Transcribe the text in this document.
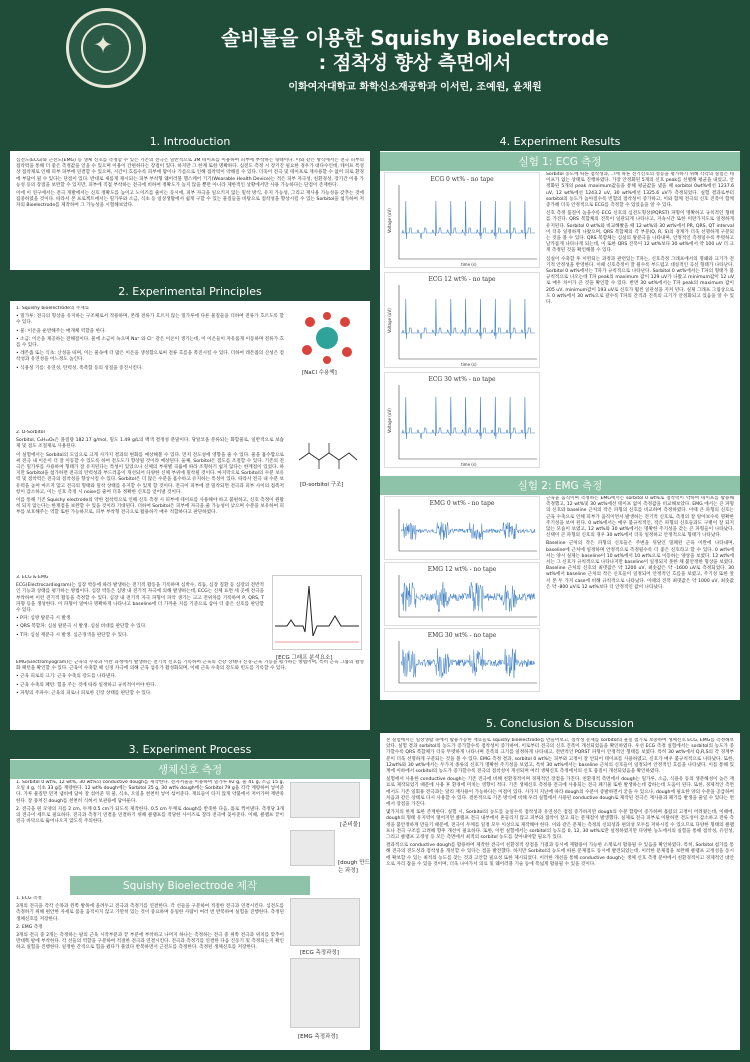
✦	솔비톨을 이용한 Squishy Bioelectrode
: 점착성 향상 측면에서
이화여자대학교 화학신소재공학과 이서린, 조예원, 윤채원
1. Introduction

심전도(ECG)와 근전도(EMG) 등 생체 신호를 측정할 수 있는 기존의 전극은 일반적으로 3M 테이프를 이용하여 피부에 부착하는 형태이다. 이와 같은 방식에서는 전극 피부의 접착력을 통해 더 좋은 측정값을 얻을 수 있으며 이용이 간편하다는 장점이 있다. 하지만 그 한계 또한 명확하다. 심전도 측정 시 장기간 필요한 경우가 대다수인데, 테이프 특성 상 접착제로 인해 피부 피부에 연결할 수 있으며, 시간이 흐를수록 피부에 땀이나 기름으로 인해 접착력이 약해질 수 있다. 더욱이 전극 및 테이프로 재사용할 수 없어 피로 환경에 부담이 될 수 있다는 단점이 있다. 반대로 새롭게 제시되는 피부 부착형 웨어러블 헬스케어 기기(Wearable Health Device)는 적은 피부 자극성, 친환경성, 장기간 이용 가능성 등의 장점을 보완할 수 있지만, 피부에 직접 부착하는 전극에 비하여 정확도가 높지 않을 뿐만 아니라 제한적인 상황에서만 사용 가능하다는 단점이 존재한다.

이에 이 연구에서는 전극 개발에서는 신호 정확도를 높이고 노이즈를 줄이는 동시에, 피부 자극을 일으키지 않는 밀착 방식, 유지 가능성, 그리고 재사용 가능성을 갖추는 것에 집중하였을 것이다. 따라서 본 프로젝트에서는 밀가루와 소금, 식초 등 일상생활에서 쉽게 구할 수 있는 물질들을 바탕으로 점착성을 향상시킬 수 있는 Sorbitol을 첨가하여 저자의 Bioelectrode를 제작하여 그 가능성을 시험해보았다.

2. Experimental Principles

1. Squishy bioelectrode의 주재료

• 밀가루: 전극의 형상을 유지하는 구조체로서 작용하며, 본래 전류가 흐르지 않는 밀가루에 다른 물질들을 더하여 전류가 흐르도록 할 수 있다.

• 물: 이온을 운반해주는 매개체 역할을 한다.

• 소금: 이온을 제공하는 전해질이다. 물에 소금이 녹으며 Na⁺ 와 Cl⁻ 같은 이온이 생기는데, 이 이온들이 자유롭게 이동하며 전류가 흐를 수 있다.

• 레몬즙 또는 식초: 산성을 띠며, 이는 물속에 더 많은 이온을 생성함으로써 전류 흐름을 촉진시킬 수 있다. 더하여 레몬즙의 산성은 점착성과 유연성을 어느정도 높인다.

• 식용성 기름: 유연성, 탄력성, 촉촉함 등의 성질을 증진시킨다.

[NaCl 수용액]

2. D-Sorbitol

Sorbitol, C₆H₁₄O₆은 몰질량 182.17 g/mol, 밀도 1.49 g/L의 백색 결정성 분말이다. 당알코올 분류되는 화합물로, 일반적으로 보습제 및 점도 조절제로 사용된다.

이 실험에서는 Sorbitol의 도입으로 크게 사가지 결과의 변화를 예상해볼 수 있다. 먼저 전도성에 영향을 줄 수 있다. 물을 흡수함으로써 전극 내 이온이 더 잘 이동할 수 있도록 하여 전도도가 향상될 것이라 예상된다. 둘째, Sorbitol은 점도를 조절할 수 있다. 기존의 전극은 밀가루를 사용하여 형태가 잘 유지된다는 특성이 있었으나 신체의 부위별 곡률에 따라 조형하기 쉽지 않다는 한계점이 있었다. 하지만 Sorbitol을 첨가하면 전극의 탄력성과 부드러움이 개선되어 다양한 신체 부위에 밀착될 것이다. 마지막으로 Sorbitol의 수분 보유력 및 점착력은 전극의 점착성을 향상시킬 수 있다. Sorbitol은 더 많은 수분을 흡수하고 유지하는 특성이 있다. 따라서 전극 내 수분 보유력을 높여 마르지 않고 전극의 형태와 밀착 상태를 유지할 수 있게 할 것이다. 전극이 피부에 잘 밀착되면 전극과 피부 사이의 접촉저항이 감소하고, 이는 신호 측정 시 noise를 줄여 더욱 정확한 신호를 얻어낼 것이다.

이를 통해 기존 Squishy electrode의 약한 점착력으로 인해 신호 측정 시 피부에 테이프를 사용해야 하고 불편하고, 신호 측정이 원활히 되지 않는다는 한계점을 보완할 수 있을 것이라 기대된다. 더하여 Sorbitol은 피부에 자극을 줄 가능성이 낮으며 수분을 보유하여 피부를 보호해주는 역할 또한 가능하므로, 피부 부착형 전극으로 활용하기 매우 적합하다고 판단하였다.

[D-sorbitol 구조]

3. ECG & EMG

ECG(Electrocardiogram)는 심장 박동에 따라 발생하는 전기적 활동을 기록하며 심박수, 리듬, 심장 질환 등 심장의 전반적인 기능과 상태를 평가하는 방법이다. 심장 박동은 심방 내 전기적 자극에 의해 발생하는데, ECG는 신체 표면 세 곳에 전극을 부착하여 이런 전기적 활동을 측정할 수 있다. 심장 내 전기적 자극 파형이 파악 생기는 크고 전위차를 기록하여 P, QRS, T 파형 등을 생성한다. 이 파형이 얼마나 명확하게 나타나고 baseline에 더 가까운 지를 기준으로 삼아 더 좋은 신호를 판단할 수 있다.

• P파: 심방 탈분극 시 발생.

• QRS 복합파: 심실 탈분극 시 발생. 심실 비대를 판단할 수 있다.

• T파: 심실 재분극 시 발생. 심근경색을 판단할 수 있다.

[ECG 그래프 분석요소]

EMG(Electromyogram)는 근육의 수축과 이완 과정에서 발생하는 전기적 신호를 기록하여 근육의 건강 상태나 신경-근육 기능을 평가하는 방법이며, 특히 근육 그룹의 활성화 패턴을 확인할 수 있다. 근육이 수축할 때 신경 자극에 의해 근육 섬유가 활성화되며, 이때 근육 수축의 강도와 빈도를 기록할 수 있다.

• 근육 피로의 크기: 근육 수축의 강도를 나타낸다.

• 근육 수축의 패턴: 힘을 주는 것에 따라 일정하고 규칙적이어야 한다.

• 파형의 주파수: 근육의 피로나 피로한 긴장 상태를 판단할 수 있다.

3. Experiment Process
생체신호 측정

1. Sorbitol 0 wt%, 12 wt%, 30 wt%의 conductive dough를 제작한다. 전자저울을 이용하여 밀가루 92 g, 물 41 g, 소금 15 g, 오일 4 g, 식초 33 g를 계량한다. 12 wt% dough에는 Sorbitol 25 g, 30 wt% dough에는 Sorbitol 79 g을 각각 계량하여 넣어준다. 가루 물질만 먼저 냄비에 담아 잘 섞어준 뒤 물, 식초, 오일을 천천히 넣어 섞어준다. 재료들이 타지 않게 약불에서 저어가며 재반죽한다. 잘 뭉쳐진 dough를 천천히 식혀서 보관용에 담아둔다.

2. 전극을 원 모양의 지름 2 cm, 두께 0.5 cm가 되도록 제작한다. 0.5 cm 두께로 dough를 반죽한 다음, 틀로 찍어낸다. 측정당 3개의 전극이 세트로 필요하다. 전극과 측정기 연결을 연결하기 위해 클램프를 적당한 사이즈로 잘라 전극에 꽂아준다. 이때, 클램프 끝이 전극 바닥으로 뚫어나오지 않도록 주의한다.

[준비물]
[dough 만드는 과정]
Squishy Bioelectrode 제작

1. ECG 측정

3개의 전극을 각각 손목과 왼쪽 발목에 올려두고 전극과 측정기를 연결한다. 각 선들을 구분하여 적절한 전극과 연결시킨다. 심전도를 측정하기 위해 편안한 자세로 몸을 움직이지 않고 가만히 있는 것이 중요하며 동일한 사람이 여러 번 반복하여 실험을 진행한다. 측정된 생체신호를 저장한다.

2. EMG 측정

3개의 전극 중 2개는 측정하는 팔의 근육 시작부분과 끝 부분에 부착하고 나머지 하나는 측정하는 전극 중 위쪽 전극과 위치를 맞추어 반대쪽 팔에 부착한다. 각 선들의 역할을 구분하여 적절한 전극과 연결시킨다. 전극과 측정기를 연결한 다음 진동기 및 측정되는지 확인하고 실험을 진행한다. 일정한 간격으로 힘을 줬다가 풀었다 반복하면서 근전도를 측정한다. 측정된 생체신호를 저장한다.

[ECG 측정과정]
[EMG 측정과정]
4. Experiment Results
실험 1: ECG 측정
ECG 0 wt% - no tape
Voltage (uV)
time (s)
ECG 12 wt% - no tape
Voltage (uV)
time (s)
ECG 30 wt% - no tape
Voltage (uV)
time (s)

Sorbitol 농도에 따른 점착성과, 그에 따른 전기신호의 성능을 평가하기 위해 각각의 실험은 테이프가 없는 상태로 진행하였다. 가장 안정화된 5개의 신호 peak를 선별해 평균을 내었고, 안정화된 5개의 peak maximum값들을 통해 평균값을 냈을 때 sorbitol 0wt%에선 1237.6 uV, 12 wt%에선 1243.2 uV, 30 wt%에선 1325.6 uV가 측정되었다. 실험 결과로부터 sorbitol의 농도가 높아질수록 빈혈의 점착성이 증가하고, 이와 함께 전극의 신호 진폭이 함께 증가해 더욱 안정적으로 ECG를 측정할 수 있었음을 알 수 있다.

신호 측정 품질이 높을수록 ECG 신호의 심전도형상(PQRST) 파형이 명확하고 규칙적인 형태를 가진다. QRS 복합체의 진폭이 일관되게 나타나고, 지속시간 또한 미란가지도로 일정하게 유지된다. Sorbitol 0 wt%와 비교해봤을 때 12 wt%와 30 wt%에서 PR, QRS, QT interval이 더욱 일정하게 나왔으며, QRS 복합체의 각 부분(Q, R, S)의 경계가 더욱 선명하게 구분되는 것을 볼 수 있다. QRS 복합체는 심실의 탈분극을 나타내며, 안정적인 측정일수록 뚜렷하고 날카롭게 나타나게 되는데, 이 또한 QRS 진폭이 12 wt%보다 30 wt%에서 약 100 uV 더 크게 측정된 것을 확인해볼 수 있다.

심실이 수축할 후 이완되는 과정과 관련있는 T파는, 신호측정 그래프에서의 명왜와 크기가 전기적 안정성을 반영한다. 이때 신호측정이 잘 될수록 부드럽고 대칭적인 곡선 형태가 나타난다. Sorbitol 0 wt%에서는 T파가 규칙적으로 나타난다. Sorbitol 0 wt%에서는 T파의 형태가 불규칙적으로 나오는데 T파 peak의 maximum 값이 129 uV가 나왔고 minimum값이 12 uV로 매우 차이가 큰 것을 확인할 수 있다. 반면 30 wt%에서는 T파 peak의 maximum 값이 205 uV, minimum값이 193 uV로 신호가 훨씬 일관성을 지켜 된다. 실제 그래프 그림상으로도 0 wt%에서 30 wt%으로 갈수록 T파의 간격과 진폭의 크기가 안정화되고 있음을 알 수 있다.

실험 2: EMG 측정
EMG 0 wt% - no tape
EMG 12 wt% - no tape
EMG 30 wt% - no tape

근육을 움직이며 측정하는 EMG에서는 sorbitol 0 wt%로 점착력이 약하여 테이프를 활용해 측정했고, 12 wt%및 30 wt%에선 테이프 없이 측정값을 비교해보았다. EMG 에서는 큰 파형의 신호와 baseline 근처의 작은 파형의 신호를 비교하여 측정하였다. 이때 큰 파형의 신호는 근육 수축으로 인해 피부가 움직이면서 발생하는 전기적 신호로, 측정의 잘 알아보수록 명확한 주기성을 보여 된다. 0 wt%에서는 매우 불규칙적인, 작은 파형의 신호들과도 구별이 잘 되지 않는 모습이 보였고, 12 wt%와 30 wt%에서는 명확한 주기성을 갖는 큰 파형들이 나타났다. 신택이 큰 파형의 신호의 경우 30 wt%에서 더욱 일정하고 안정적으로 형태가 나타났다.

Baseline 근처의 작은 파형의 신호들은 주변을 뒤덮인 밀폐된 근육 이완에 나타내며, baseline에 근처에 일정하며 안정적으로 측정될수록 더 좋은 신호라고 할 수 있다. 0 wt%에서는 양시 실제는 baseline이 10 wt%에서 10 wt%으로 이동하는 양상을 보였다. 12 wt%에서는 그 신호가 규칙적으로 나타나지만 baseline이 일정되지 못한 채 불안정한 형상을 보였다. Baseline 근처의 신호의 최댓값은 약 1200 uV, 최솟값은 약 -1600 uV로 측정되었다. 30 wt%에서 baseline 근처의 작은 신호들이 일정되어 안정적인 흐름을 보였고, 주기성 또한 앞서 본 두 가지 case에 비해 규칙적으로 나타났다. 이때의 진폭 최댓값은 약 1000 uV, 최솟값은 약 -800 uV로 12 wt%보다 더 안정적인 값이 나타났다.

5. Conclusion & Discussion

본 실험에서는 일상생활 속에서 활용가능한 재료들로 squishy bioelectrode를 만들어보고, 점착성 문제를 sorbitol의 물질 첨가로 보충하여 생체신호 ECG, EMG를 측정해보았다. 실험 결과 sorbitol의 농도가 증가할수록 점착성이 증가하여, 이로부터 전극의 신호 진폭이 개선되었음을 확인하였다. 우선 ECG 측정 실험에서는 sorbitol의 농도가 증가할수록 QRS 복합체가 더욱 뚜렷하게 나타나며 진폭의 크기를 일정하게 나타내고, 전반적인 PQRST 파형이 안정적인 형태를 보였다. 특히 30 wt%에서 Q,R,S의 각 경계부분이 더욱 선명하게 구분되는 것을 볼 수 있다. EMG 측정 결과, sorbitol 0 wt%는 피부와 고정이 잘 안되어 테이프를 사용하였고, 신호가 매우 불규칙적으로 나타났다. 또한, 12wt%와 30 wt%에서는 두가지 종류의 신호가 명확한 주기성을 보였고, 특히 30 wt%에서는 baseline 근처의 신호들이 일정되어 안정적인 흐름을 나타냈다. 이를 통해 있계에 이하에서 sorbitol의 농도가 증가할수록 전극의 점착성이 개선되며 여러 생체신호 측정에서의 신호 품질이 개선되었음을 확인하였다.

실험에서 사용한 conductive dough는 기존 전극에 비해 친환경적이며 경제적인 장점을 가진다. 친환경적 측면에서 dough는 밀가루, 소금, 식용유 등의 생분해성이 높은 재료로 제작되었기 때문에 사용 후 환경에 미치는 영향이 적다. 기존 생체신호 측정용 전극에 사용되는 전극 폐기물 또한 발생하는데 감하는데 도움이 된다. 또한, 경제적인 측면에서도 기존 일회용 전극과는 달리 재사용이 가능하다는 이점이 있다. 사가지 지난에 따라 dough의 수분이 증발하면서 굳을 수 있으나, dough에 필요한 양의 수분을 공급하여 처음과 같은 상태로 다시 사용할 수 있다. 결론적으로 기존 방식에 비해 우리 실험에서 사용된 conductive dough로 제작된 전극은 재사용과 폐기를 발생을 줄일 수 있다는 면에서 장점을 가진다.

몇가지의 한계 또한 존재한다. 실험 시, Sorbitol의 농도를 높일수록 점착성과 유연성은 점점 증가하지만 dough의 수분 함량이 증가하며 흘렀의 고정이 어려웠는데, 이때에, dough의 형태 유지력이 떨어지면 클램프 전극 내부에서 흔들리지 않고 피부와 접착이 잘고 되는 문제점이 발생했다. 실제로 전극 피부로 이탈하면 전도성이 감소하고 전류 측정을 불안정하게 만들기 때문에, 전극이 두께를 일정 모두 이상으로 제작해야 한다. 이와 같은 문제는 측정의 신뢰성과 편의성 모두를 저하시킬 수 있으므로 다양한 형태의 클램프나 전극 구조를 고려해 향후 개선이 필요하다. 또한, 이번 실험에서는 sorbitol의 농도를 0, 12, 30 wt%로만 설정하였지만 다양한 농도에서의 실험을 통해 점착성, 유연성, 그리고 클램프 고정성 등 모든 측면에서 최적의 sorbitol 농도를 찾아내야할 필요가 있다.

결과적으로 conductive dough를 활용하여 제작한 전극이 친환경적 장점을 가졌과 동시에 재활용이 가능한 소재로서 활용될 수 있음을 확인하였다. 특히, Sorbitol 첨가를 통해 전극의 전도성과 점착성을 개선할 수 있다는 점을 발견했다. 하지만 Sorbitol의 농도에 따른 문제점도 동시에 발견되었는데, 이러한 문제점을 보완해 클램프 고정성을 동시에 확보할 수 있는 최적의 농도를 찾는 것과 고안할 필요성 또한 제시되었다. 이러한 개선을 통해 conductive dough는 생체 신호 측정 분야에서 친환경적이고 경제적인 대안으로 자리 잡을 수 있을 것이며, 더욱 나아가서 의료 및 웨어러블 기술 등에 폭넓게 활용될 수 있을 것이다.
